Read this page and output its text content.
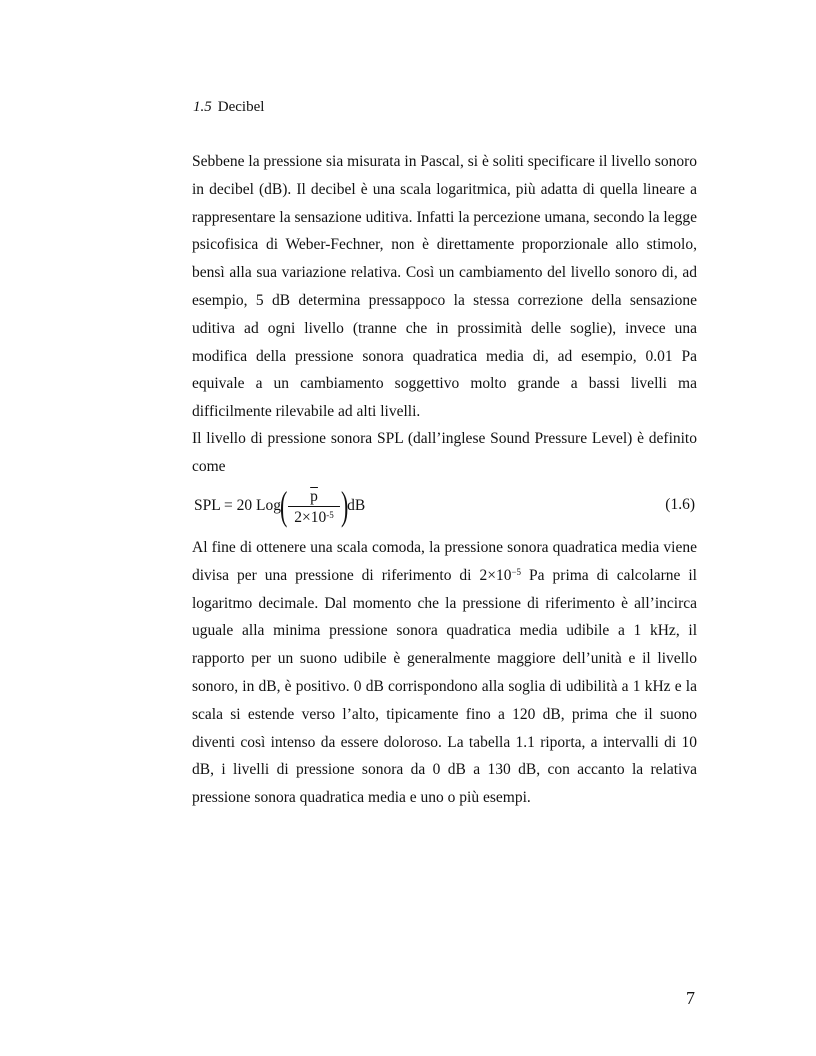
1.5 Decibel

Sebbene la pressione sia misurata in Pascal, si è soliti specificare il livello sonoro in decibel (dB). Il decibel è una scala logaritmica, più adatta di quella lineare a rappresentare la sensazione uditiva. Infatti la percezione umana, secondo la legge psicofisica di Weber-Fechner, non è direttamente proporzionale allo stimolo, bensì alla sua variazione relativa. Così un cambiamento del livello sonoro di, ad esempio, 5 dB determina pressappoco la stessa correzione della sensazione uditiva ad ogni livello (tranne che in prossimità delle soglie), invece una modifica della pressione sonora quadratica media di, ad esempio, 0.01 Pa equivale a un cambiamento soggettivo molto grande a bassi livelli ma difficilmente rilevabile ad alti livelli.

Il livello di pressione sonora SPL (dall’inglese Sound Pressure Level) è definito come

SPL = 20 Log
( $\frac{\overline{p}}{2\times 10^{-5}}$ )
dB	(1.6)

Al fine di ottenere una scala comoda, la pressione sonora quadratica media viene divisa per una pressione di riferimento di $2\times 10^{-5}$ Pa prima di calcolarne il logaritmo decimale. Dal momento che la pressione di riferimento è all’incirca uguale alla minima pressione sonora quadratica media udibile a 1 kHz, il rapporto per un suono udibile è generalmente maggiore dell’unità e il livello sonoro, in dB, è positivo. 0 dB corrispondono alla soglia di udibilità a 1 kHz e la scala si estende verso l’alto, tipicamente fino a 120 dB, prima che il suono diventi così intenso da essere doloroso. La tabella 1.1 riporta, a intervalli di 10 dB, i livelli di pressione sonora da 0 dB a 130 dB, con accanto la relativa pressione sonora quadratica media e uno o più esempi.

7
